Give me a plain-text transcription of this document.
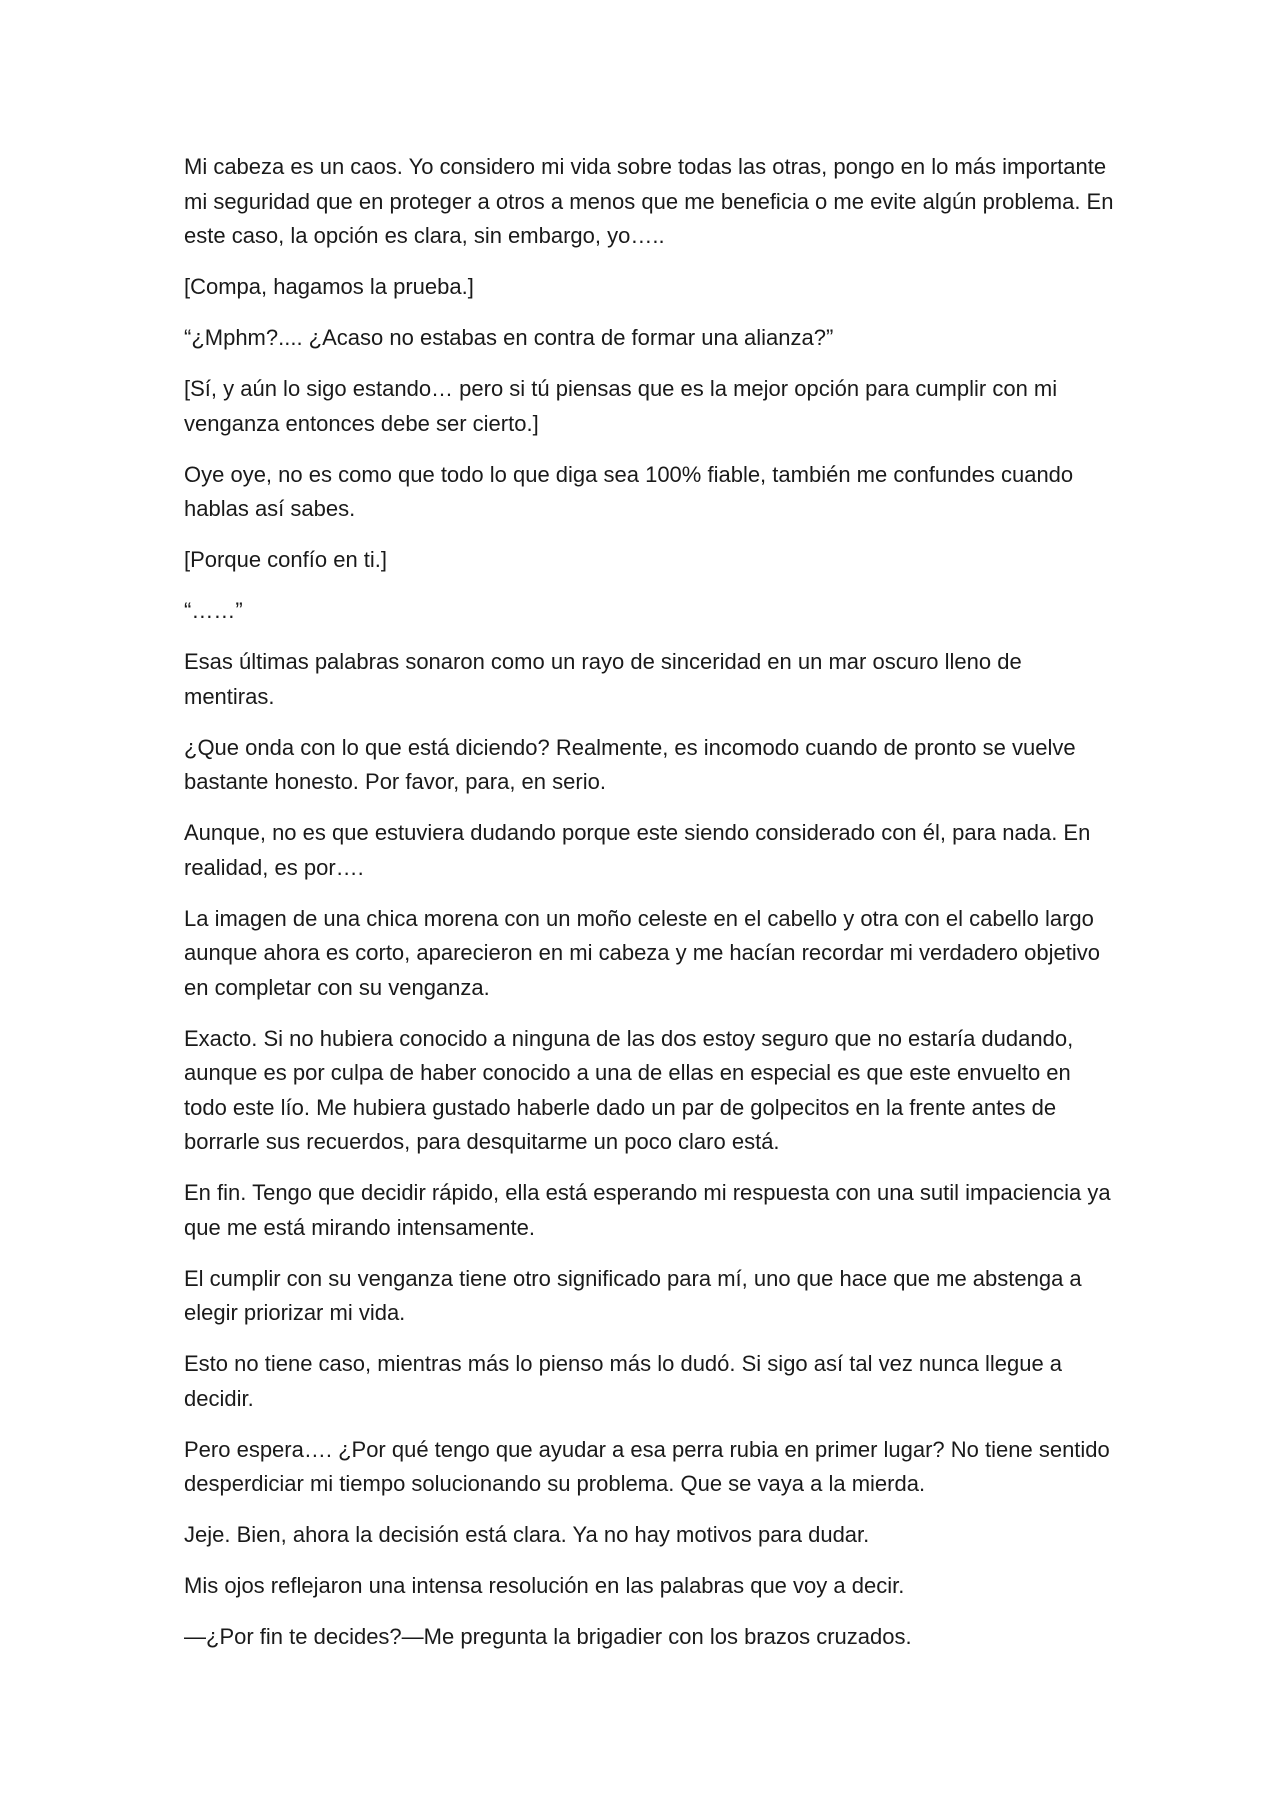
Mi cabeza es un caos. Yo considero mi vida sobre todas las otras, pongo en lo más importante mi seguridad que en proteger a otros a menos que me beneficia o me evite algún problema. En este caso, la opción es clara, sin embargo, yo…..

[Compa, hagamos la prueba.]

“¿Mphm?.... ¿Acaso no estabas en contra de formar una alianza?”

[Sí, y aún lo sigo estando… pero si tú piensas que es la mejor opción para cumplir con mi venganza entonces debe ser cierto.]

Oye oye, no es como que todo lo que diga sea 100% fiable, también me confundes cuando hablas así sabes.

[Porque confío en ti.]

“……”

Esas últimas palabras sonaron como un rayo de sinceridad en un mar oscuro lleno de mentiras.

¿Que onda con lo que está diciendo? Realmente, es incomodo cuando de pronto se vuelve bastante honesto. Por favor, para, en serio.

Aunque, no es que estuviera dudando porque este siendo considerado con él, para nada. En realidad, es por….

La imagen de una chica morena con un moño celeste en el cabello y otra con el cabello largo aunque ahora es corto, aparecieron en mi cabeza y me hacían recordar mi verdadero objetivo en completar con su venganza.

Exacto. Si no hubiera conocido a ninguna de las dos estoy seguro que no estaría dudando, aunque es por culpa de haber conocido a una de ellas en especial es que este envuelto en todo este lío. Me hubiera gustado haberle dado un par de golpecitos en la frente antes de borrarle sus recuerdos, para desquitarme un poco claro está.

En fin. Tengo que decidir rápido, ella está esperando mi respuesta con una sutil impaciencia ya que me está mirando intensamente.

El cumplir con su venganza tiene otro significado para mí, uno que hace que me abstenga a elegir priorizar mi vida.

Esto no tiene caso, mientras más lo pienso más lo dudó. Si sigo así tal vez nunca llegue a decidir.

Pero espera…. ¿Por qué tengo que ayudar a esa perra rubia en primer lugar? No tiene sentido desperdiciar mi tiempo solucionando su problema. Que se vaya a la mierda.

Jeje. Bien, ahora la decisión está clara. Ya no hay motivos para dudar.

Mis ojos reflejaron una intensa resolución en las palabras que voy a decir.

—¿Por fin te decides?—Me pregunta la brigadier con los brazos cruzados.
